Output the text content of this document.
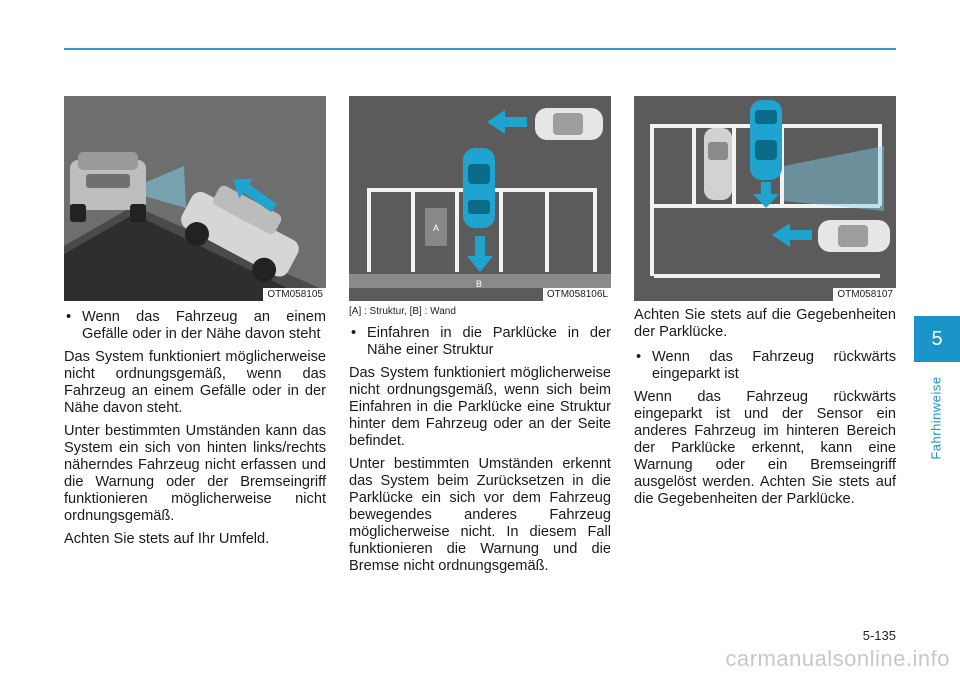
OTM058105
• Wenn das Fahrzeug an einem Gefälle oder in der Nähe davon steht

Das System funktioniert möglicherweise nicht ordnungsgemäß, wenn das Fahrzeug an einem Gefälle oder in der Nähe davon steht.

Unter bestimmten Umständen kann das System ein sich von hinten links/rechts näherndes Fahrzeug nicht erfassen und die Warnung oder der Bremseingriff funktionieren möglicherweise nicht ordnungsgemäß.

Achten Sie stets auf Ihr Umfeld.

A
B
OTM058106L
[A] : Struktur, [B] : Wand
• Einfahren in die Parklücke in der Nähe einer Struktur

Das System funktioniert möglicherweise nicht ordnungsgemäß, wenn sich beim Einfahren in die Parklücke eine Struktur hinter dem Fahrzeug oder an der Seite befindet.

Unter bestimmten Umständen erkennt das System beim Zurücksetzen in die Parklücke ein sich vor dem Fahrzeug bewegendes anderes Fahrzeug möglicherweise nicht. In diesem Fall funktionieren die Warnung und die Bremse nicht ordnungsgemäß.

OTM058107

Achten Sie stets auf die Gegebenheiten der Parklücke.

• Wenn das Fahrzeug rückwärts eingeparkt ist

Wenn das Fahrzeug rückwärts eingeparkt ist und der Sensor ein anderes Fahrzeug im hinteren Bereich der Parklücke erkennt, kann eine Warnung oder ein Bremseingriff ausgelöst werden. Achten Sie stets auf die Gegebenheiten der Parklücke.

5
Fahrhinweise
5-135
carmanualsonline.info
